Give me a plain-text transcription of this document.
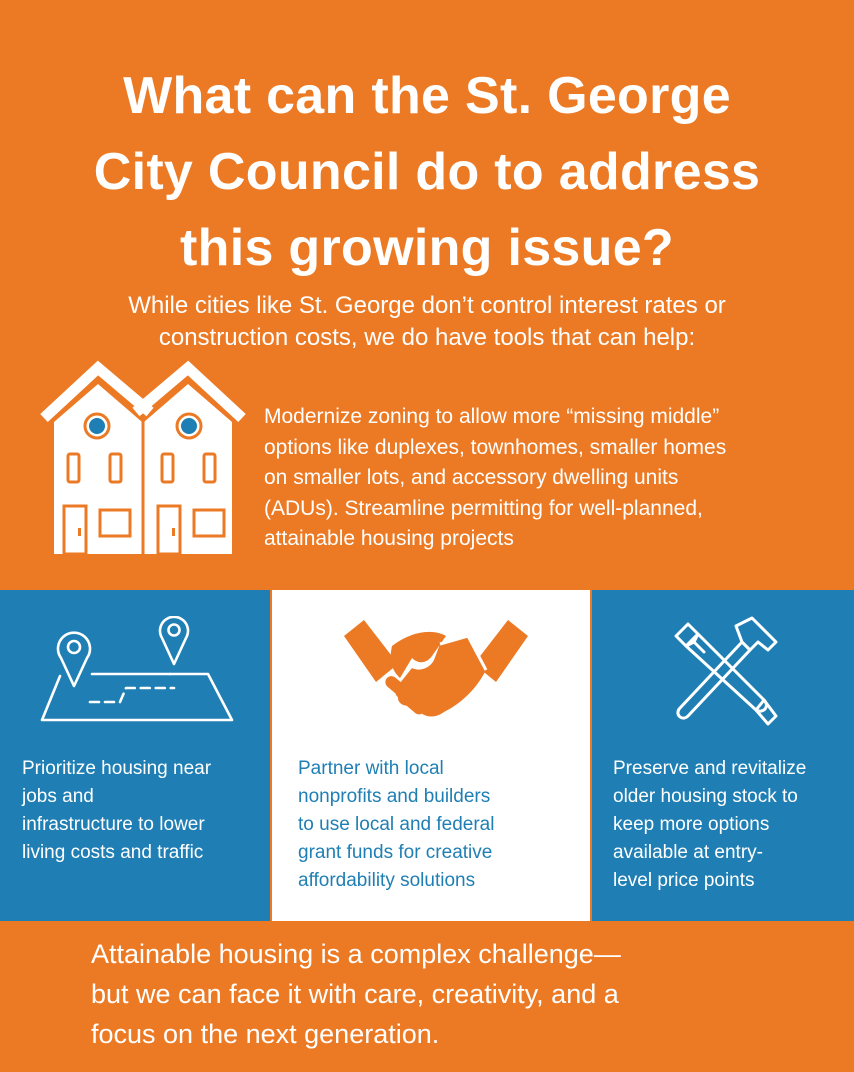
What can the St. George
City Council do to address
this growing issue?

While cities like St. George don’t control interest rates or
construction costs, we do have tools that can help:

Modernize zoning to allow more “missing middle”
options like duplexes, townhomes, smaller homes
on smaller lots, and accessory dwelling units
(ADUs). Streamline permitting for well-planned,
attainable housing projects

Prioritize housing near
jobs and
infrastructure to lower
living costs and traffic

Partner with local
nonprofits and builders
to use local and federal
grant funds for creative
affordability solutions

Preserve and revitalize
older housing stock to
keep more options
available at entry-
level price points

Attainable housing is a complex challenge—
but we can face it with care, creativity, and a
focus on the next generation.
